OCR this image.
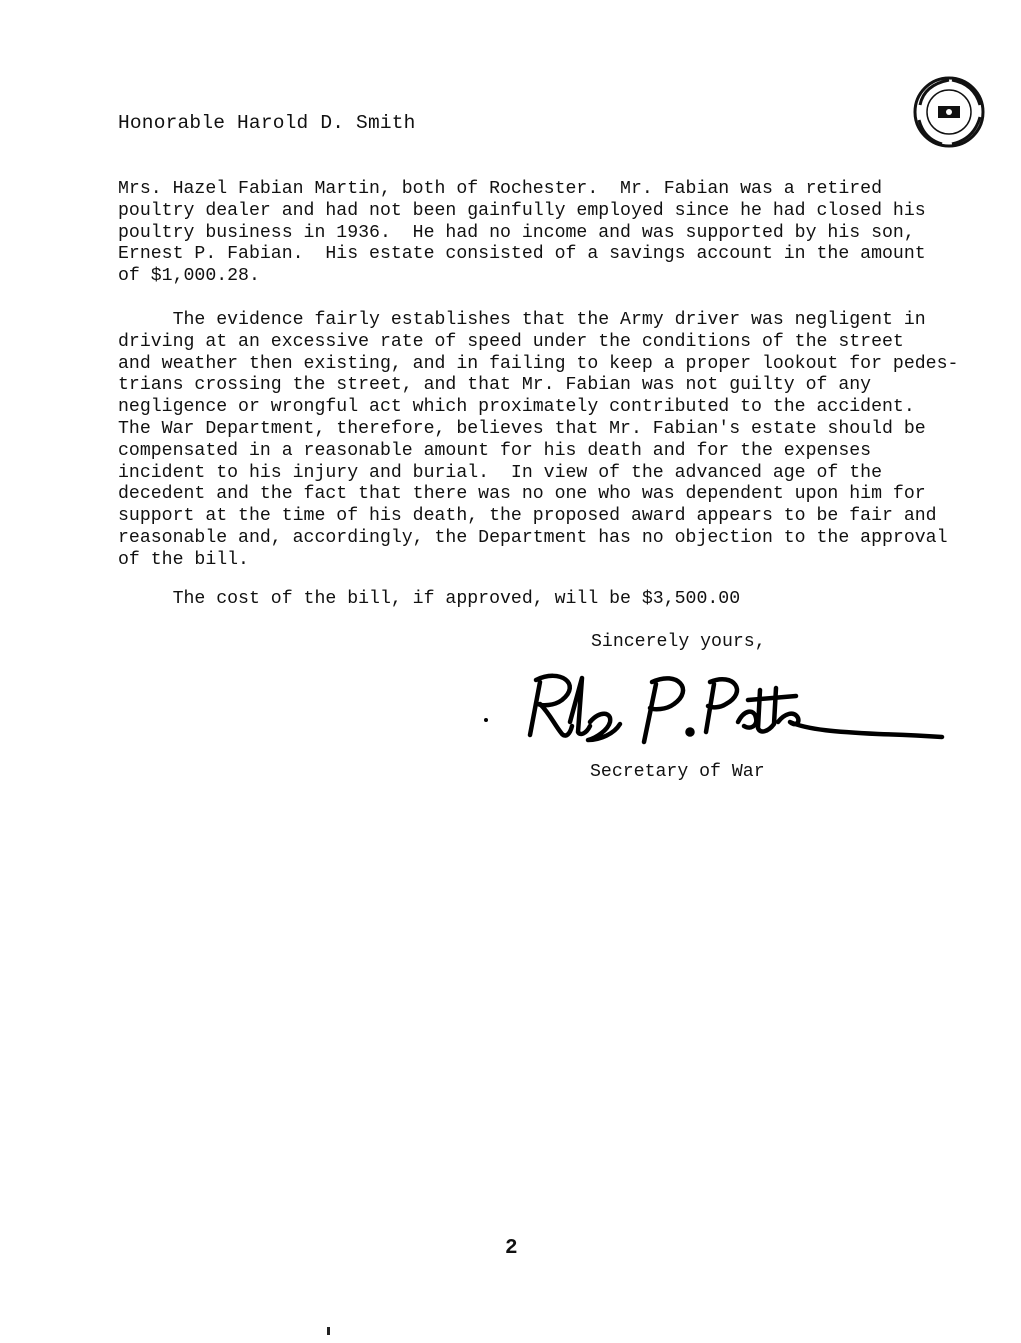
Honorable Harold D. Smith
Mrs. Hazel Fabian Martin, both of Rochester.  Mr. Fabian was a retired
poultry dealer and had not been gainfully employed since he had closed his
poultry business in 1936.  He had no income and was supported by his son,
Ernest P. Fabian.  His estate consisted of a savings account in the amount
of $1,000.28.
The evidence fairly establishes that the Army driver was negligent in
driving at an excessive rate of speed under the conditions of the street
and weather then existing, and in failing to keep a proper lookout for pedes-
trians crossing the street, and that Mr. Fabian was not guilty of any
negligence or wrongful act which proximately contributed to the accident.
The War Department, therefore, believes that Mr. Fabian's estate should be
compensated in a reasonable amount for his death and for the expenses
incident to his injury and burial.  In view of the advanced age of the
decedent and the fact that there was no one who was dependent upon him for
support at the time of his death, the proposed award appears to be fair and
reasonable and, accordingly, the Department has no objection to the approval
of the bill.
The cost of the bill, if approved, will be $3,500.00
Sincerely yours,
Secretary of War
2
